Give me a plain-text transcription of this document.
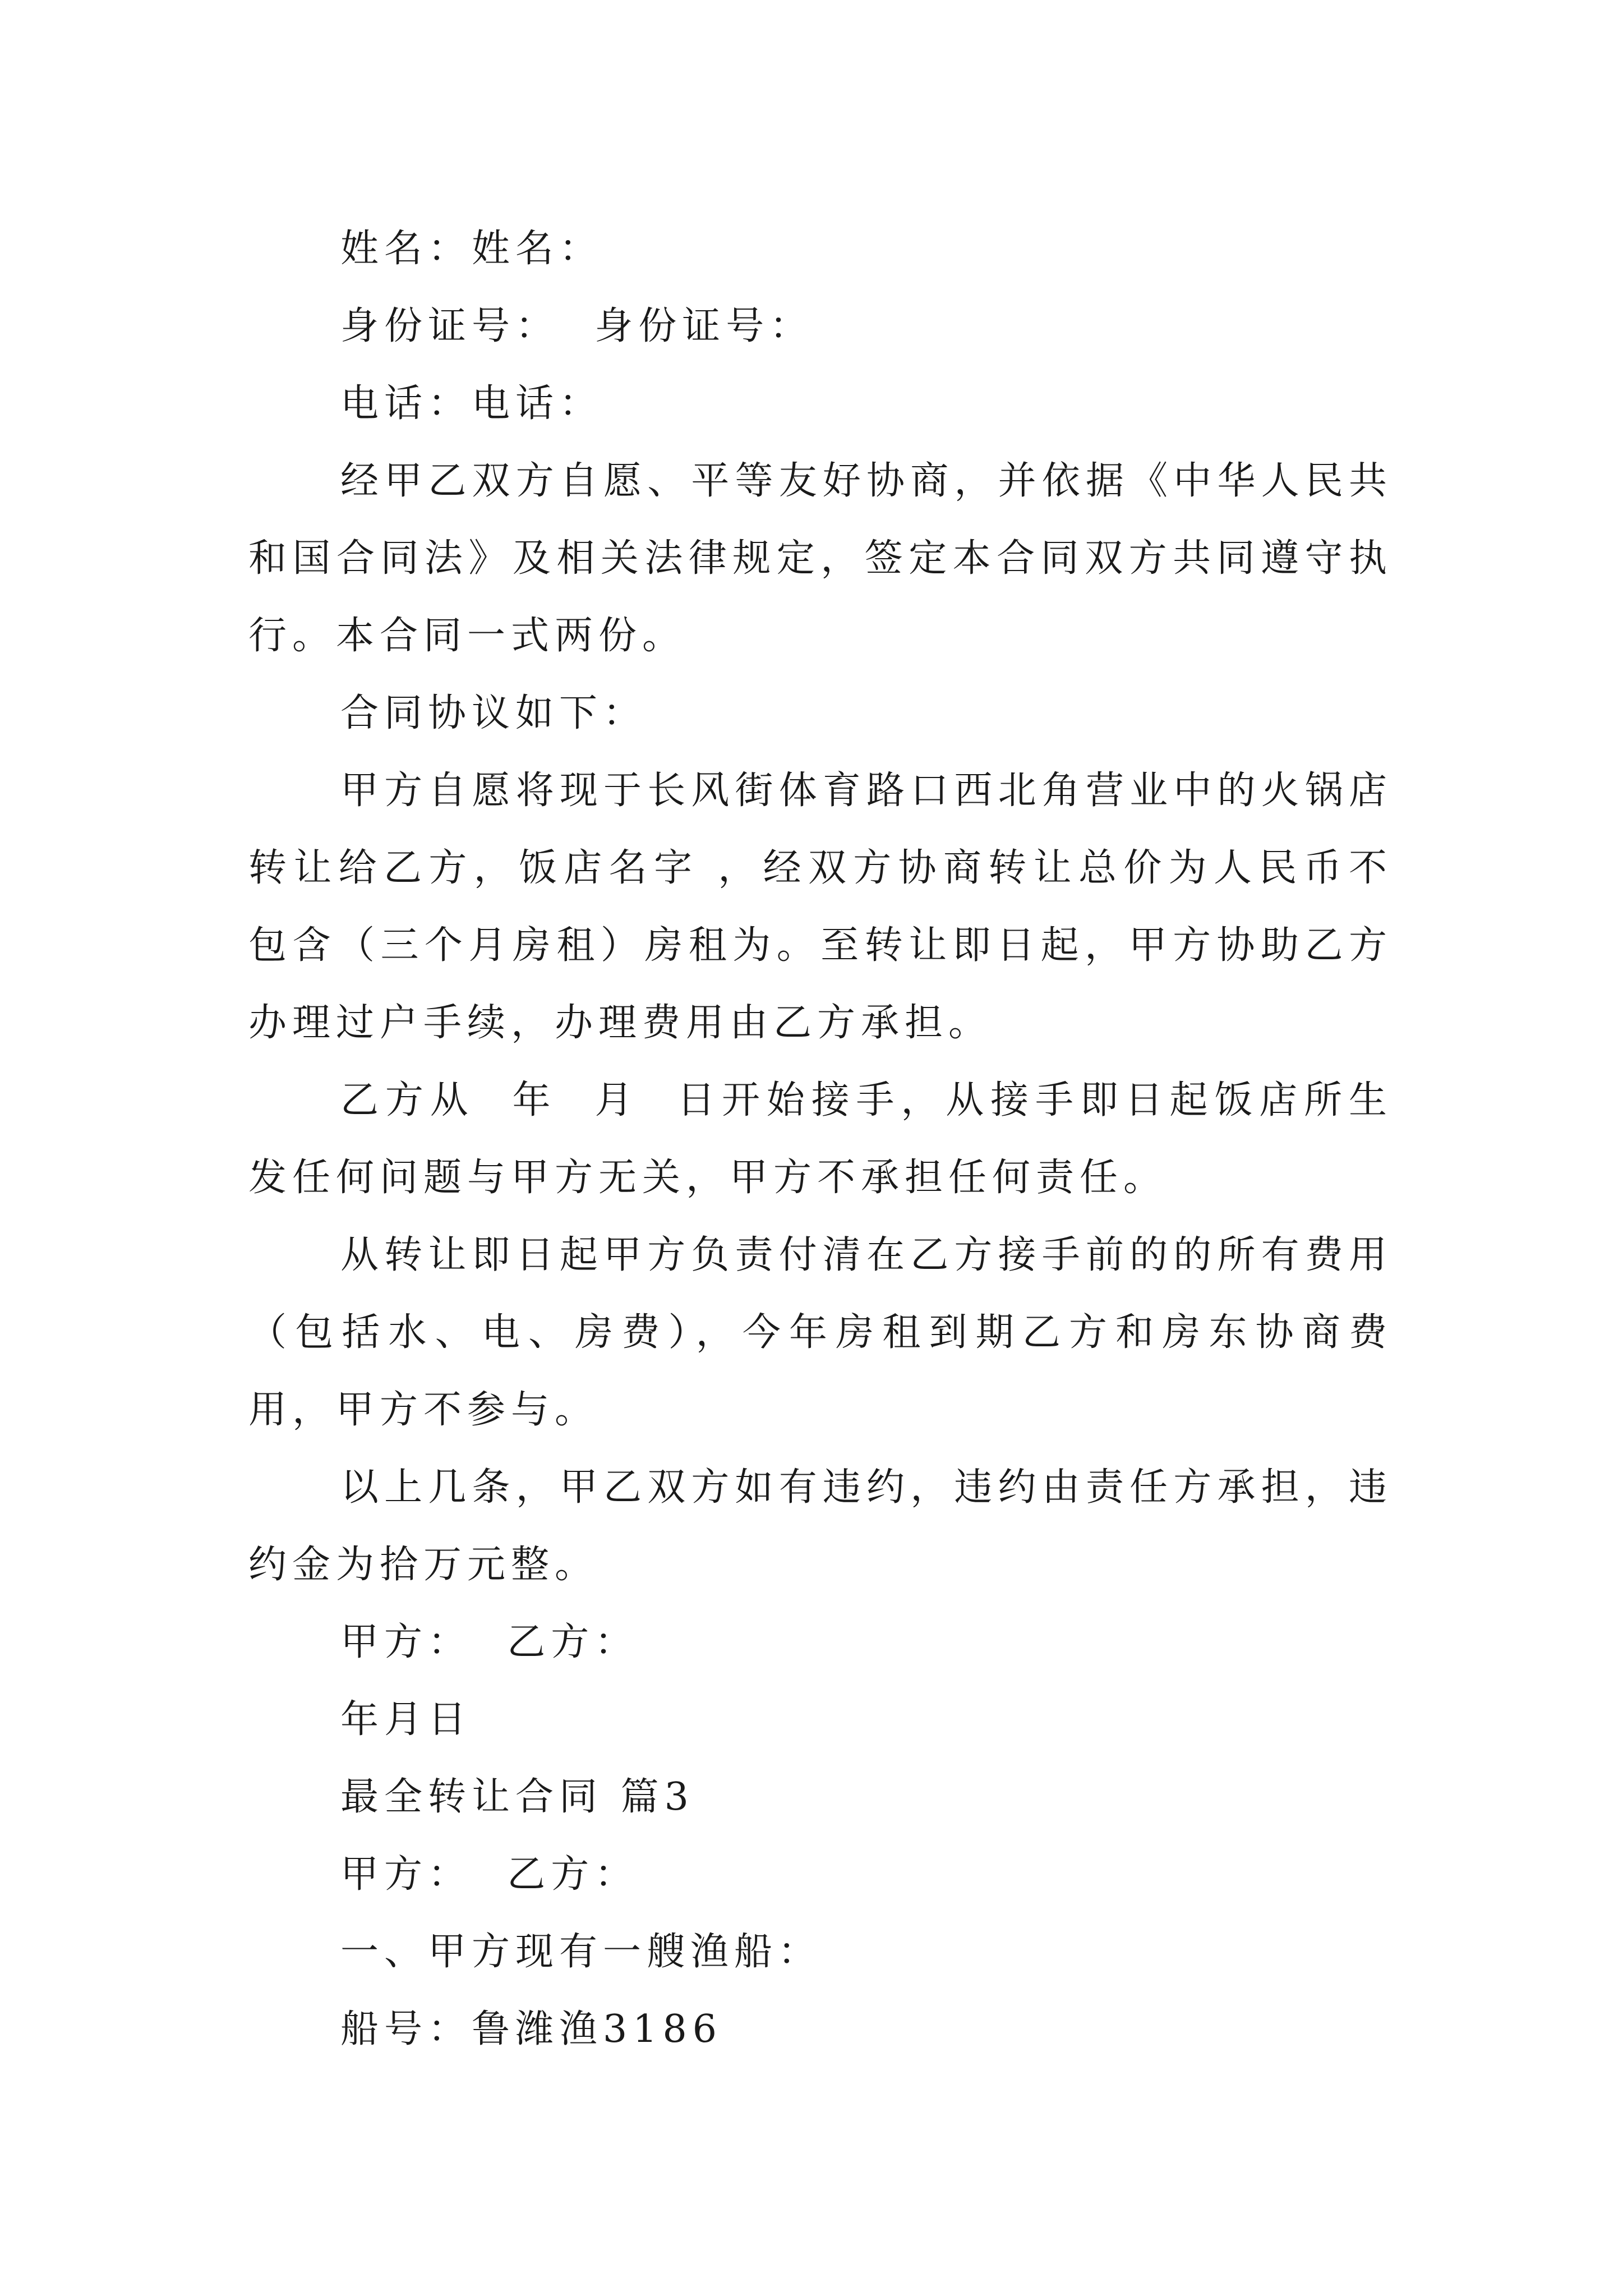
姓名：姓名：

身份证号：  身份证号：

电话：电话：

经甲乙双方自愿、平等友好协商，并依据《中华人民共和国合同法》及相关法律规定，签定本合同双方共同遵守执行。本合同一式两份。

合同协议如下：

甲方自愿将现于长风街体育路口西北角营业中的火锅店转让给乙方，饭店名字 ，经双方协商转让总价为人民币不包含（三个月房租）房租为。至转让即日起，甲方协助乙方办理过户手续，办理费用由乙方承担。

乙方从  年  月  日开始接手，从接手即日起饭店所生发任何问题与甲方无关，甲方不承担任何责任。

从转让即日起甲方负责付清在乙方接手前的的所有费用（包括水、电、房费），今年房租到期乙方和房东协商费用，甲方不参与。

以上几条，甲乙双方如有违约，违约由责任方承担，违约金为拾万元整。

甲方：  乙方：

年月日

最全转让合同 篇3

甲方：  乙方：

一、甲方现有一艘渔船：

船号：鲁潍渔3186
